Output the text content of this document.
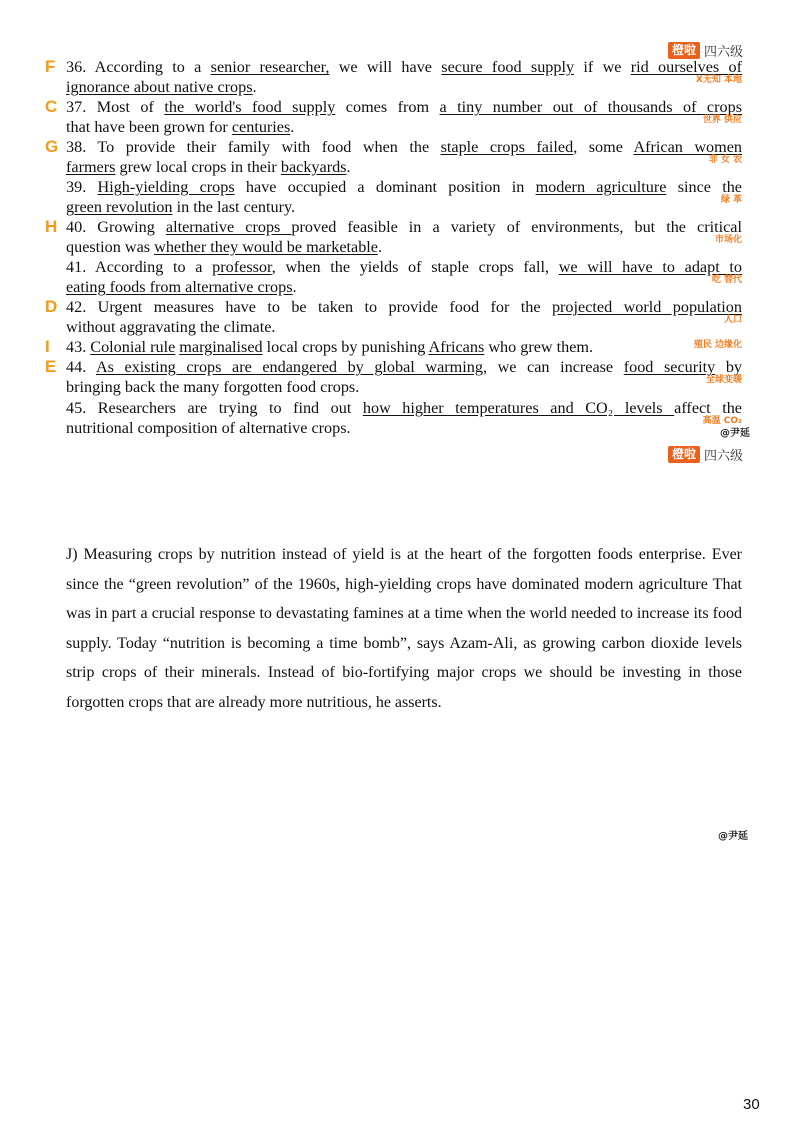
橙啦 四六级
F 36. According to a senior researcher, we will have secure food supply if we rid ourselves of
ignorance about native crops.	X无知 本地
C 37. Most of the world's food supply comes from a tiny number out of thousands of crops
that have been grown for centuries.	世界 供应
G 38. To provide their family with food when the staple crops failed, some African women
farmers grew local crops in their backyards.	非 女 农
39. High-yielding crops have occupied a dominant position in modern agriculture since the
green revolution in the last century.	绿 革
H 40. Growing alternative crops proved feasible in a variety of environments, but the critical
question was whether they would be marketable.	市场化
41. According to a professor, when the yields of staple crops fall, we will have to adapt to
eating foods from alternative crops.	吃 替代
D 42. Urgent measures have to be taken to provide food for the projected world population
without aggravating the climate.	人口
I 43. Colonial rule marginalised local crops by punishing Africans who grew them.	殖民 边缘化
E 44. As existing crops are endangered by global warming, we can increase food security by
bringing back the many forgotten food crops.	全球变暖
45. Researchers are trying to find out how higher temperatures and CO₂ levels affect the
nutritional composition of alternative crops.	高温 CO₂
@尹延
橙啦 四六级
J) Measuring crops by nutrition instead of yield is at the heart of the forgotten foods enterprise. Ever since the “green revolution” of the 1960s, high-yielding crops have dominated modern agriculture That was in part a crucial response to devastating famines at a time when the world needed to increase its food supply. Today “nutrition is becoming a time bomb”, says Azam-Ali, as growing carbon dioxide levels strip crops of their minerals. Instead of bio-fortifying major crops we should be investing in those forgotten crops that are already more nutritious, he asserts.
@尹延
30
